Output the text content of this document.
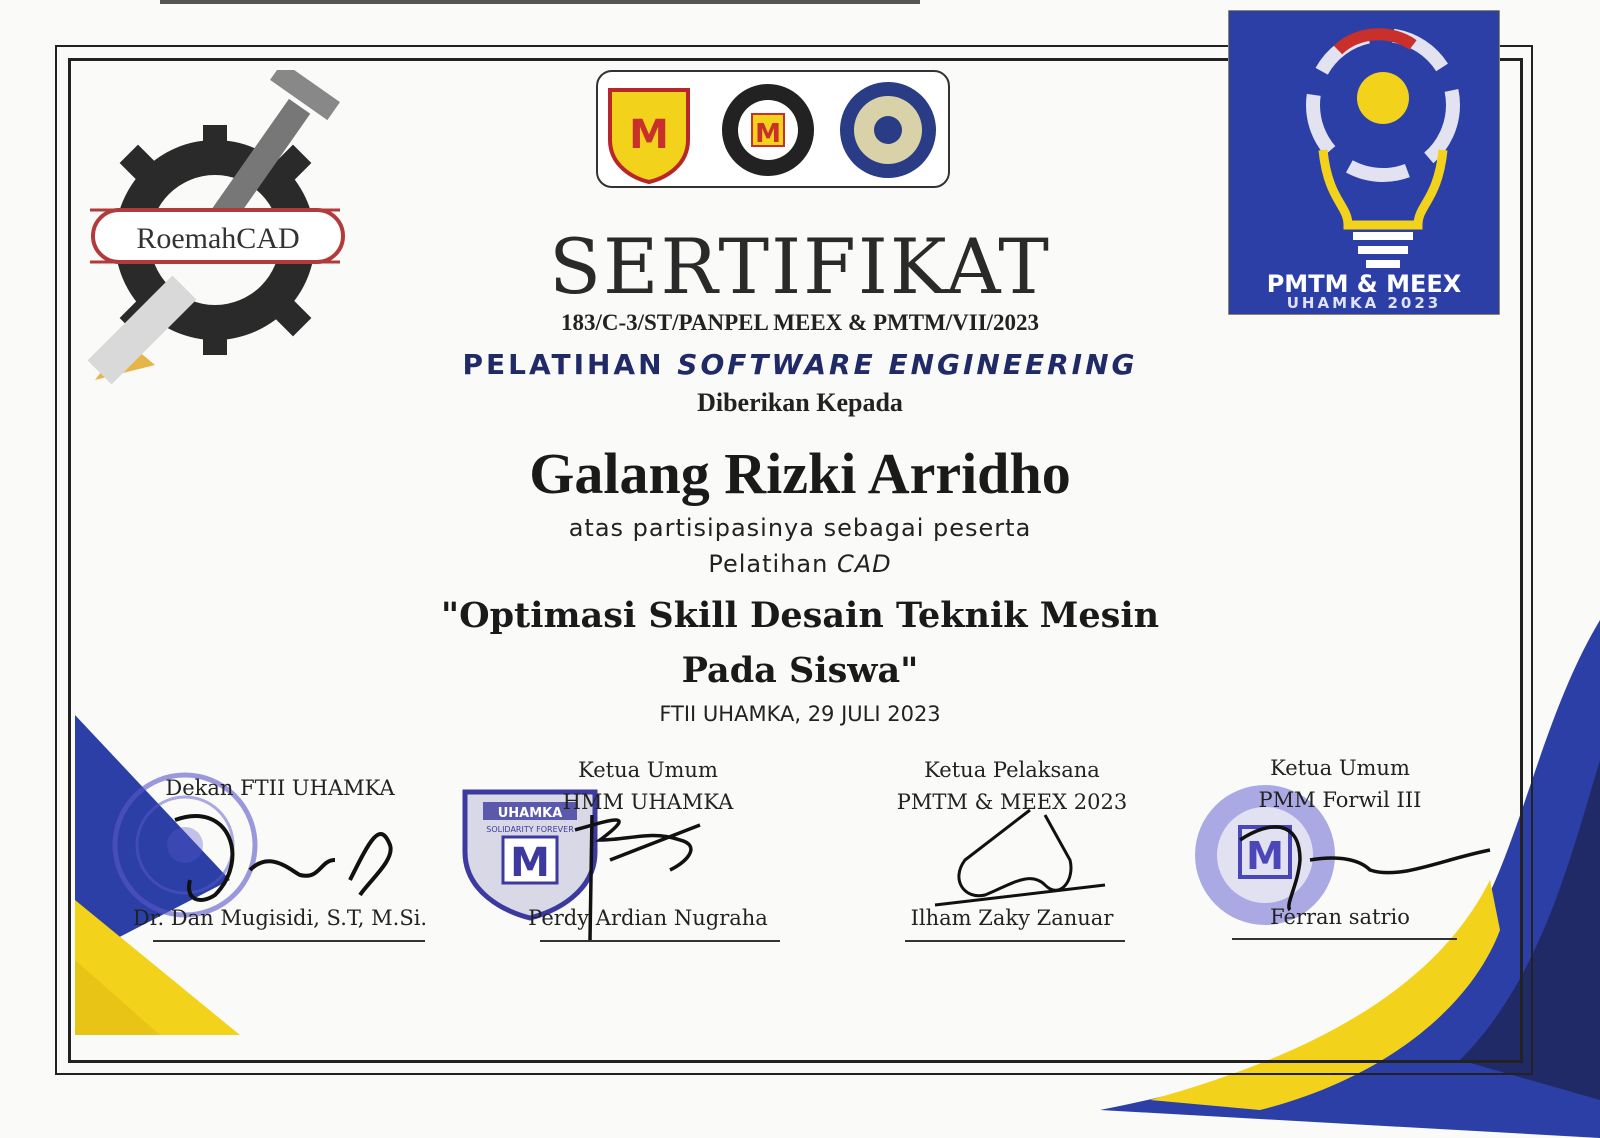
RoemahCAD
M	M
PMTM & MEEX
UHAMKA 2023
SERTIFIKAT
183/C-3/ST/PANPEL MEEX & PMTM/VII/2023
PELATIHAN SOFTWARE ENGINEERING
Diberikan Kepada
Galang Rizki Arridho
atas partisipasinya sebagai peserta
Pelatihan CAD
"Optimasi Skill Desain Teknik Mesin
Pada Siswa"
FTII UHAMKA, 29 JULI 2023
UHAMKA
SOLIDARITY FOREVER
M	M
Dekan FTII UHAMKA
Dr. Dan Mugisidi, S.T, M.Si.
Ketua Umum
HMM UHAMKA
Perdy Ardian Nugraha
Ketua Pelaksana
PMTM & MEEX 2023
Ilham Zaky Zanuar
Ketua Umum
PMM Forwil III
Ferran satrio
